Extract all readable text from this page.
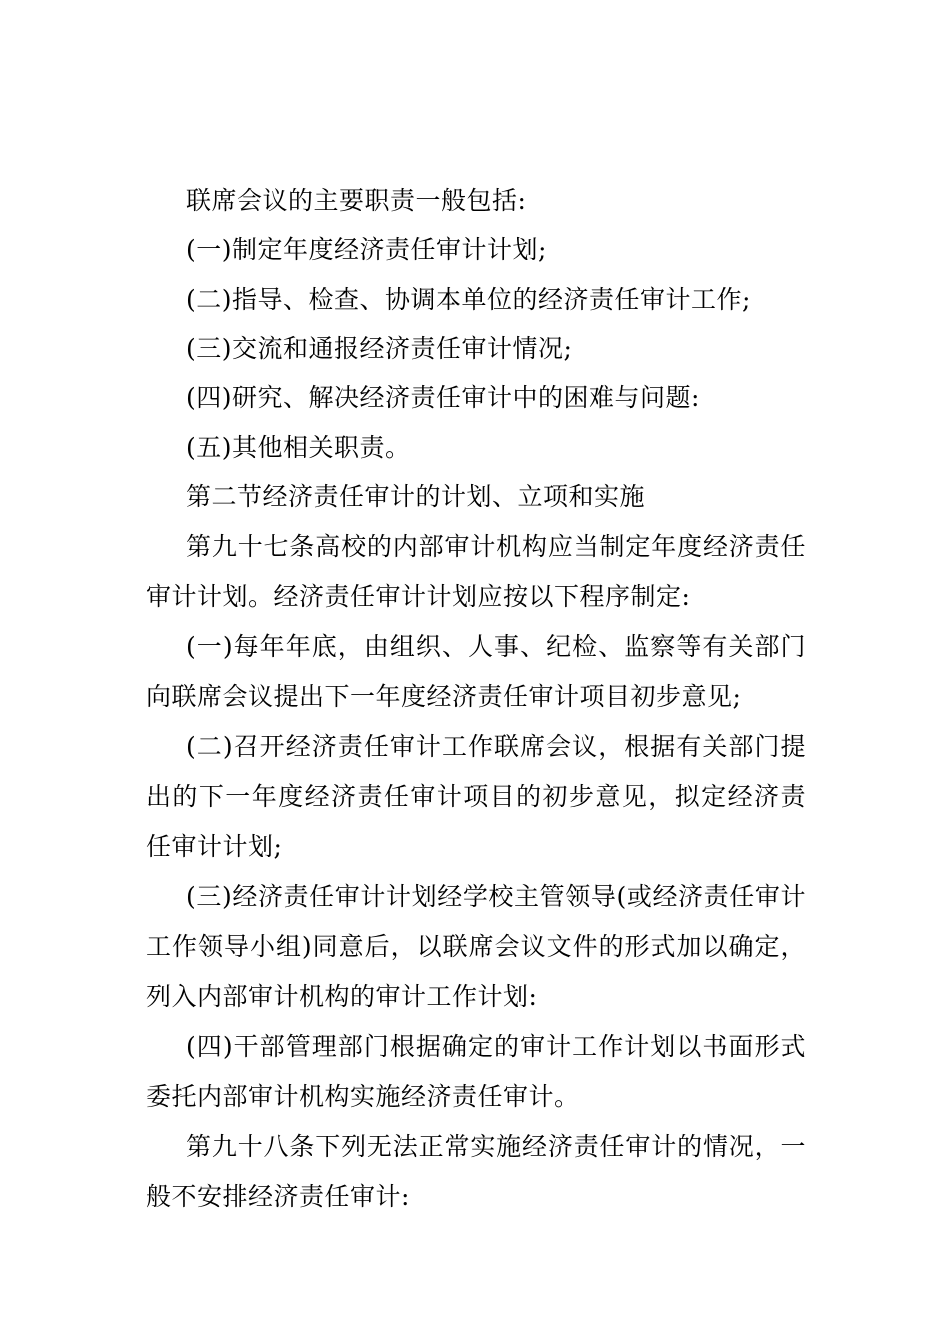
联席会议的主要职责一般包括:
(一)制定年度经济责任审计计划;
(二)指导、检查、协调本单位的经济责任审计工作;
(三)交流和通报经济责任审计情况;
(四)研究、解决经济责任审计中的困难与问题:
(五)其他相关职责。
第二节经济责任审计的计划、立项和实施
第九十七条高校的内部审计机构应当制定年度经济责任
审计计划。经济责任审计计划应按以下程序制定:
(一)每年年底，由组织、人事、纪检、监察等有关部门
向联席会议提出下一年度经济责任审计项目初步意见;
(二)召开经济责任审计工作联席会议，根据有关部门提
出的下一年度经济责任审计项目的初步意见，拟定经济责
任审计计划;
(三)经济责任审计计划经学校主管领导(或经济责任审计
工作领导小组)同意后，以联席会议文件的形式加以确定，
列入内部审计机构的审计工作计划:
(四)干部管理部门根据确定的审计工作计划以书面形式
委托内部审计机构实施经济责任审计。
第九十八条下列无法正常实施经济责任审计的情况，一
般不安排经济责任审计:
